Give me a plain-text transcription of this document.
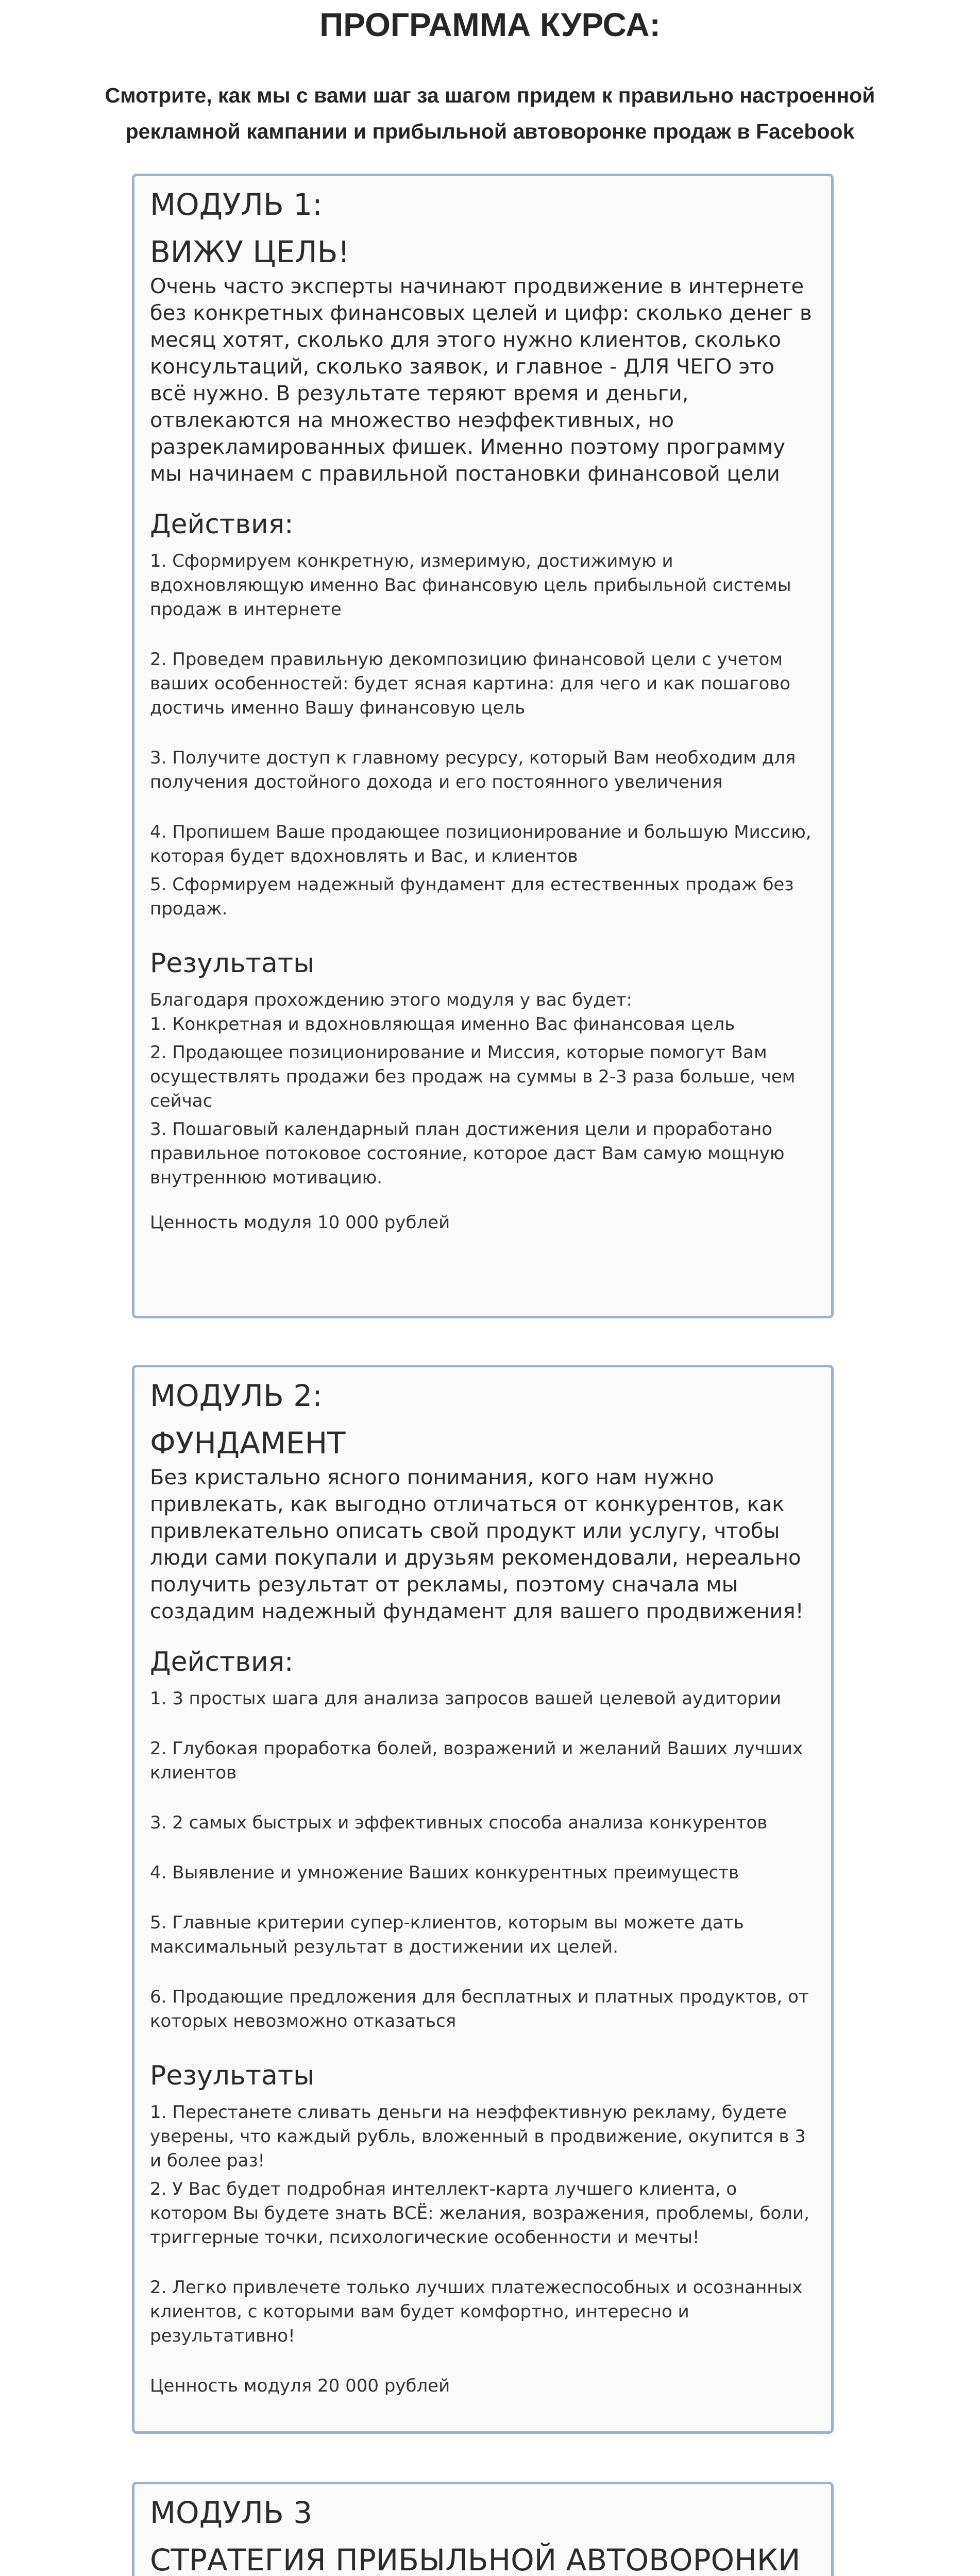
ПРОГРАММА КУРСА:
Смотрите, как мы с вами шаг за шагом придем к правильно настроенной рекламной кампании и прибыльной автоворонке продаж в Facebook
МОДУЛЬ 1:
ВИЖУ ЦЕЛЬ!

Очень часто эксперты начинают продвижение в интернете без конкретных финансовых целей и цифр: сколько денег в месяц хотят, сколько для этого нужно клиентов, сколько консультаций, сколько заявок, и главное - ДЛЯ ЧЕГО это всё нужно. В результате теряют время и деньги, отвлекаются на множество неэффективных, но разрекламированных фишек. Именно поэтому программу мы начинаем с правильной постановки финансовой цели

Действия:

1. Сформируем конкретную, измеримую, достижимую и вдохновляющую именно Вас финансовую цель прибыльной системы продаж в интернете

2. Проведем правильную декомпозицию финансовой цели с учетом ваших особенностей: будет ясная картина: для чего и как пошагово достичь именно Вашу финансовую цель

3. Получите доступ к главному ресурсу, который Вам необходим для получения достойного дохода и его постоянного увеличения

4. Пропишем Ваше продающее позиционирование и большую Миссию, которая будет вдохновлять и Вас, и клиентов

5. Сформируем надежный фундамент для естественных продаж без продаж.

Результаты

Благодаря прохождению этого модуля у вас будет:

1. Конкретная и вдохновляющая именно Вас финансовая цель

2. Продающее позиционирование и Миссия, которые помогут Вам осуществлять продажи без продаж на суммы в 2-3 раза больше, чем сейчас

3. Пошаговый календарный план достижения цели и проработано правильное потоковое состояние, которое даст Вам самую мощную внутреннюю мотивацию.

Ценность модуля 10 000 рублей

МОДУЛЬ 2:
ФУНДАМЕНТ

Без кристально ясного понимания, кого нам нужно привлекать, как выгодно отличаться от конкурентов, как привлекательно описать свой продукт или услугу, чтобы люди сами покупали и друзьям рекомендовали, нереально получить результат от рекламы, поэтому сначала мы создадим надежный фундамент для вашего продвижения!

Действия:

1. 3 простых шага для анализа запросов вашей целевой аудитории

2. Глубокая проработка болей, возражений и желаний Ваших лучших клиентов

3. 2 самых быстрых и эффективных способа анализа конкурентов

4. Выявление и умножение Ваших конкурентных преимуществ

5. Главные критерии супер-клиентов, которым вы можете дать максимальный результат в достижении их целей.

6. Продающие предложения для бесплатных и платных продуктов, от которых невозможно отказаться

Результаты

1. Перестанете сливать деньги на неэффективную рекламу, будете уверены, что каждый рубль, вложенный в продвижение, окупится в 3 и более раз!

2. У Вас будет подробная интеллект-карта лучшего клиента, о котором Вы будете знать ВСЁ: желания, возражения, проблемы, боли, триггерные точки, психологические особенности и мечты!

2. Легко привлечете только лучших платежеспособных и осознанных клиентов, с которыми вам будет комфортно, интересно и результативно!

Ценность модуля 20 000 рублей

МОДУЛЬ 3
СТРАТЕГИЯ ПРИБЫЛЬНОЙ АВТОВОРОНКИ
